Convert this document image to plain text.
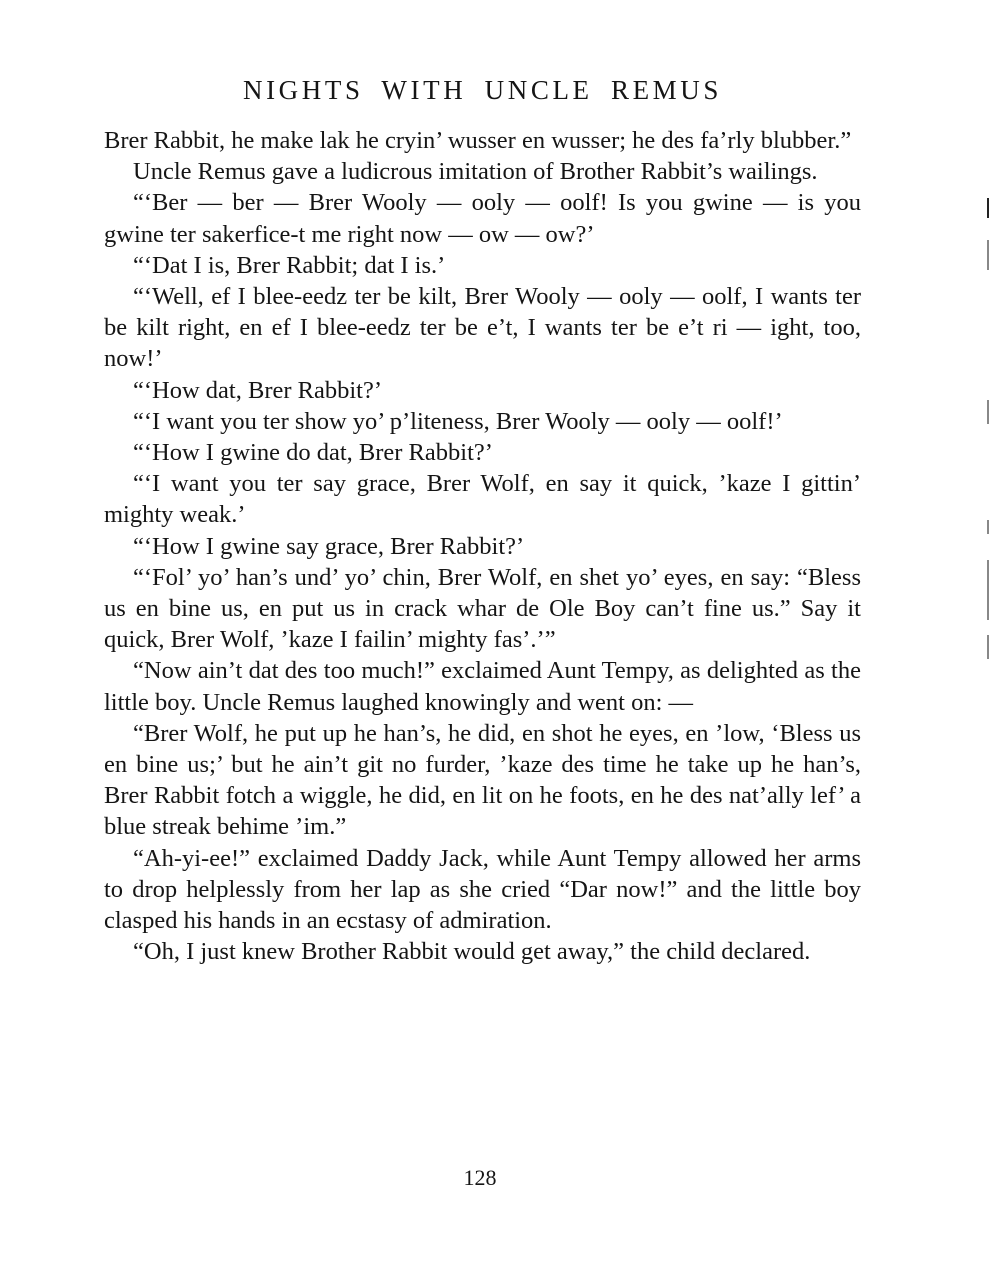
NIGHTS WITH UNCLE REMUS

Brer Rabbit, he make lak he cryin’ wusser en wusser; he des fa’rly blubber.”

Uncle Remus gave a ludicrous imitation of Brother Rabbit’s wailings.

“‘Ber — ber — Brer Wooly — ooly — oolf! Is you gwine — is you gwine ter sakerfice-t me right now — ow — ow?’

“‘Dat I is, Brer Rabbit; dat I is.’

“‘Well, ef I blee-eedz ter be kilt, Brer Wooly — ooly — oolf, I wants ter be kilt right, en ef I blee-eedz ter be e’t, I wants ter be e’t ri — ight, too, now!’

“‘How dat, Brer Rabbit?’

“‘I want you ter show yo’ p’liteness, Brer Wooly — ooly — oolf!’

“‘How I gwine do dat, Brer Rabbit?’

“‘I want you ter say grace, Brer Wolf, en say it quick, ’kaze I gittin’ mighty weak.’

“‘How I gwine say grace, Brer Rabbit?’

“‘Fol’ yo’ han’s und’ yo’ chin, Brer Wolf, en shet yo’ eyes, en say: “Bless us en bine us, en put us in crack whar de Ole Boy can’t fine us.” Say it quick, Brer Wolf, ’kaze I failin’ mighty fas’.’”

“Now ain’t dat des too much!” exclaimed Aunt Tempy, as delighted as the little boy. Uncle Remus laughed knowingly and went on: —

“Brer Wolf, he put up he han’s, he did, en shot he eyes, en ’low, ‘Bless us en bine us;’ but he ain’t git no furder, ’kaze des time he take up he han’s, Brer Rabbit fotch a wiggle, he did, en lit on he foots, en he des nat’ally lef’ a blue streak behime ’im.”

“Ah-yi-ee!” exclaimed Daddy Jack, while Aunt Tempy allowed her arms to drop helplessly from her lap as she cried “Dar now!” and the little boy clasped his hands in an ecstasy of admiration.

“Oh, I just knew Brother Rabbit would get away,” the child declared.

128
